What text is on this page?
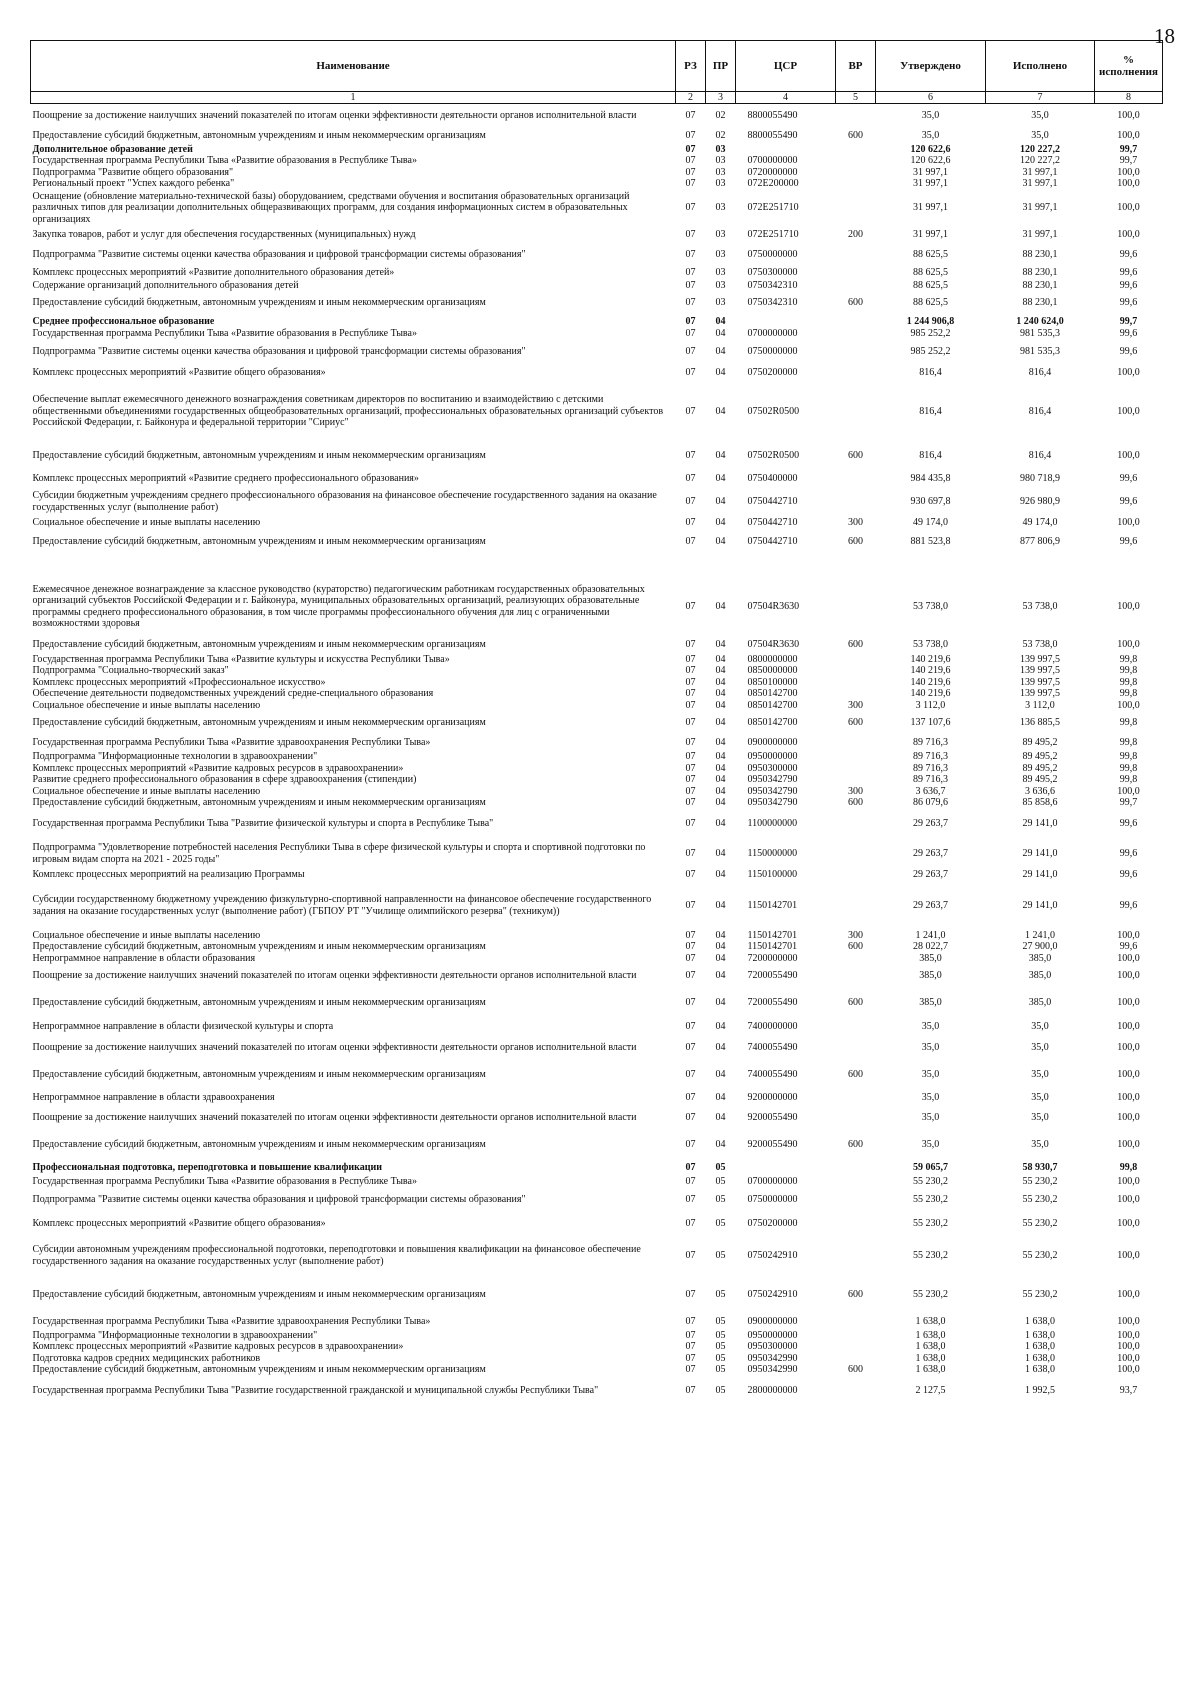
18
Наименование	РЗ	ПР	ЦСР	ВР	Утверждено	Исполнено	% исполнения
1	2	3	4	5	6	7	8
Поощрение за достижение наилучших значений показателей по итогам оценки эффективности деятельности органов исполнительной власти	07	02	8800055490		35,0	35,0	100,0
Предоставление субсидий бюджетным, автономным учреждениям и иным некоммерческим организациям	07	02	8800055490	600	35,0	35,0	100,0
Дополнительное образование детей	07	03			120 622,6	120 227,2	99,7
Государственная программа Республики Тыва «Развитие образования в Республике Тыва»	07	03	0700000000		120 622,6	120 227,2	99,7
Подпрограмма "Развитие общего образования"	07	03	0720000000		31 997,1	31 997,1	100,0
Региональный проект "Успех каждого ребенка"	07	03	072E200000		31 997,1	31 997,1	100,0
Оснащение (обновление материально-технической базы) оборудованием, средствами обучения и воспитания образовательных организаций различных типов для реализации дополнительных общеразвивающих программ, для создания информационных систем в образовательных организациях	07	03	072E251710		31 997,1	31 997,1	100,0
Закупка товаров, работ и услуг для обеспечения государственных (муниципальных) нужд	07	03	072E251710	200	31 997,1	31 997,1	100,0
Подпрограмма "Развитие системы оценки качества образования и цифровой трансформации системы образования"	07	03	0750000000		88 625,5	88 230,1	99,6
Комплекс процессных мероприятий «Развитие дополнительного образования детей»	07	03	0750300000		88 625,5	88 230,1	99,6
Содержание организаций дополнительного образования детей	07	03	0750342310		88 625,5	88 230,1	99,6
Предоставление субсидий бюджетным, автономным учреждениям и иным некоммерческим организациям	07	03	0750342310	600	88 625,5	88 230,1	99,6
Среднее профессиональное образование	07	04			1 244 906,8	1 240 624,0	99,7
Государственная программа Республики Тыва «Развитие образования в Республике Тыва»	07	04	0700000000		985 252,2	981 535,3	99,6
Подпрограмма "Развитие системы оценки качества образования и цифровой трансформации системы образования"	07	04	0750000000		985 252,2	981 535,3	99,6
Комплекс процессных мероприятий «Развитие общего образования»	07	04	0750200000		816,4	816,4	100,0
Обеспечение выплат ежемесячного денежного вознаграждения советникам директоров по воспитанию и взаимодействию с детскими общественными объединениями государственных общеобразовательных организаций, профессиональных образовательных организаций субъектов Российской Федерации, г. Байконура и федеральной территории "Сириус"	07	04	07502R0500		816,4	816,4	100,0
Предоставление субсидий бюджетным, автономным учреждениям и иным некоммерческим организациям	07	04	07502R0500	600	816,4	816,4	100,0
Комплекс процессных мероприятий «Развитие среднего профессионального образования»	07	04	0750400000		984 435,8	980 718,9	99,6
Субсидии бюджетным учреждениям среднего профессионального образования на финансовое обеспечение государственного задания на оказание государственных услуг (выполнение работ)	07	04	0750442710		930 697,8	926 980,9	99,6
Социальное обеспечение и иные выплаты населению	07	04	0750442710	300	49 174,0	49 174,0	100,0
Предоставление субсидий бюджетным, автономным учреждениям и иным некоммерческим организациям	07	04	0750442710	600	881 523,8	877 806,9	99,6

Ежемесячное денежное вознаграждение за классное руководство (кураторство) педагогическим работникам государственных образовательных организаций субъектов Российской Федерации и г. Байконура, муниципальных образовательных организаций, реализующих образовательные программы среднего профессионального образования, в том числе программы профессионального обучения для лиц с ограниченными возможностями здоровья	07	04	07504R3630		53 738,0	53 738,0	100,0
Предоставление субсидий бюджетным, автономным учреждениям и иным некоммерческим организациям	07	04	07504R3630	600	53 738,0	53 738,0	100,0
Государственная программа Республики Тыва «Развитие культуры и искусства Республики Тыва»	07	04	0800000000		140 219,6	139 997,5	99,8
Подпрограмма "Социально-творческий заказ"	07	04	0850000000		140 219,6	139 997,5	99,8
Комплекс процессных мероприятий «Профессиональное искусство»	07	04	0850100000		140 219,6	139 997,5	99,8
Обеспечение деятельности подведомственных учреждений средне-специального образования	07	04	0850142700		140 219,6	139 997,5	99,8
Социальное обеспечение и иные выплаты населению	07	04	0850142700	300	3 112,0	3 112,0	100,0
Предоставление субсидий бюджетным, автономным учреждениям и иным некоммерческим организациям	07	04	0850142700	600	137 107,6	136 885,5	99,8
Государственная программа Республики Тыва «Развитие здравоохранения Республики Тыва»	07	04	0900000000		89 716,3	89 495,2	99,8
Подпрограмма "Информационные технологии в здравоохранении"	07	04	0950000000		89 716,3	89 495,2	99,8
Комплекс процессных мероприятий «Развитие кадровых ресурсов в здравоохранении»	07	04	0950300000		89 716,3	89 495,2	99,8
Развитие среднего профессионального образования в сфере здравоохранения (стипендии)	07	04	0950342790		89 716,3	89 495,2	99,8
Социальное обеспечение и иные выплаты населению	07	04	0950342790	300	3 636,7	3 636,6	100,0
Предоставление субсидий бюджетным, автономным учреждениям и иным некоммерческим организациям	07	04	0950342790	600	86 079,6	85 858,6	99,7
Государственная программа Республики Тыва "Развитие физической культуры и спорта в Республике Тыва"	07	04	1100000000		29 263,7	29 141,0	99,6
Подпрограмма "Удовлетворение потребностей населения Республики Тыва в сфере физической культуры и спорта и спортивной подготовки по игровым видам спорта на 2021 - 2025 годы"	07	04	1150000000		29 263,7	29 141,0	99,6
Комплекс процессных мероприятий на реализацию Программы	07	04	1150100000		29 263,7	29 141,0	99,6
Субсидии государственному бюджетному учреждению физкультурно-спортивной направленности на финансовое обеспечение государственного задания на оказание государственных услуг (выполнение работ) (ГБПОУ РТ "Училище олимпийского резерва" (техникум))	07	04	1150142701		29 263,7	29 141,0	99,6
Социальное обеспечение и иные выплаты населению	07	04	1150142701	300	1 241,0	1 241,0	100,0
Предоставление субсидий бюджетным, автономным учреждениям и иным некоммерческим организациям	07	04	1150142701	600	28 022,7	27 900,0	99,6
Непрограммное направление в области образования	07	04	7200000000		385,0	385,0	100,0
Поощрение за достижение наилучших значений показателей по итогам оценки эффективности деятельности органов исполнительной власти	07	04	7200055490		385,0	385,0	100,0
Предоставление субсидий бюджетным, автономным учреждениям и иным некоммерческим организациям	07	04	7200055490	600	385,0	385,0	100,0
Непрограммное направление в области физической культуры и спорта	07	04	7400000000		35,0	35,0	100,0
Поощрение за достижение наилучших значений показателей по итогам оценки эффективности деятельности органов исполнительной власти	07	04	7400055490		35,0	35,0	100,0
Предоставление субсидий бюджетным, автономным учреждениям и иным некоммерческим организациям	07	04	7400055490	600	35,0	35,0	100,0
Непрограммное направление в области здравоохранения	07	04	9200000000		35,0	35,0	100,0
Поощрение за достижение наилучших значений показателей по итогам оценки эффективности деятельности органов исполнительной власти	07	04	9200055490		35,0	35,0	100,0
Предоставление субсидий бюджетным, автономным учреждениям и иным некоммерческим организациям	07	04	9200055490	600	35,0	35,0	100,0
Профессиональная подготовка, переподготовка и повышение квалификации	07	05			59 065,7	58 930,7	99,8
Государственная программа Республики Тыва «Развитие образования в Республике Тыва»	07	05	0700000000		55 230,2	55 230,2	100,0
Подпрограмма "Развитие системы оценки качества образования и цифровой трансформации системы образования"	07	05	0750000000		55 230,2	55 230,2	100,0
Комплекс процессных мероприятий «Развитие общего образования»	07	05	0750200000		55 230,2	55 230,2	100,0
Субсидии автономным учреждениям профессиональной подготовки, переподготовки и повышения квалификации на финансовое обеспечение государственного задания на оказание государственных услуг (выполнение работ)	07	05	0750242910		55 230,2	55 230,2	100,0
Предоставление субсидий бюджетным, автономным учреждениям и иным некоммерческим организациям	07	05	0750242910	600	55 230,2	55 230,2	100,0
Государственная программа Республики Тыва «Развитие здравоохранения Республики Тыва»	07	05	0900000000		1 638,0	1 638,0	100,0
Подпрограмма "Информационные технологии в здравоохранении"	07	05	0950000000		1 638,0	1 638,0	100,0
Комплекс процессных мероприятий «Развитие кадровых ресурсов в здравоохранении»	07	05	0950300000		1 638,0	1 638,0	100,0
Подготовка кадров средних медицинских работников	07	05	0950342990		1 638,0	1 638,0	100,0
Предоставление субсидий бюджетным, автономным учреждениям и иным некоммерческим организациям	07	05	0950342990	600	1 638,0	1 638,0	100,0
Государственная программа Республики Тыва "Развитие государственной гражданской и муниципальной службы Республики Тыва"	07	05	2800000000		2 127,5	1 992,5	93,7
